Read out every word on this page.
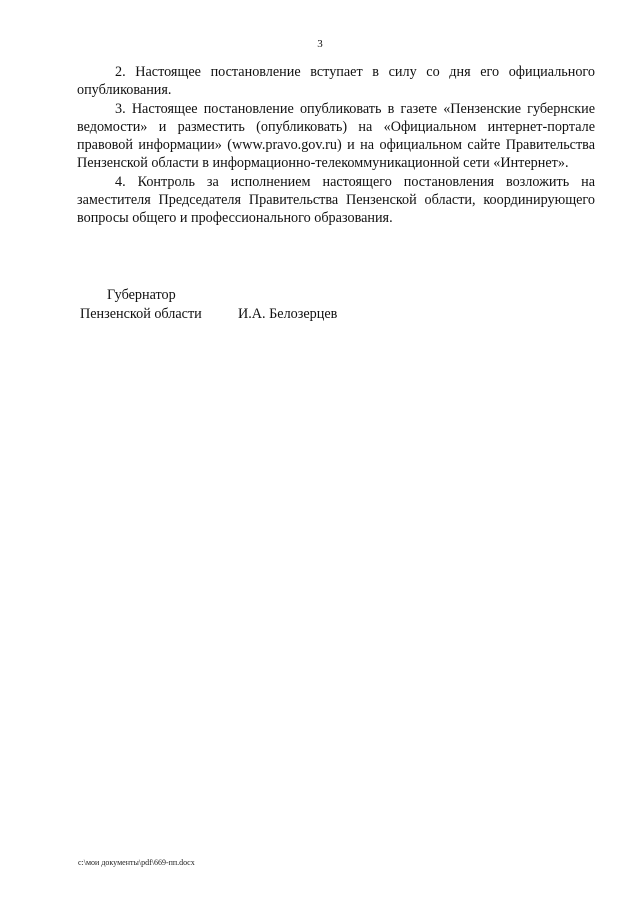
3

2. Настоящее постановление вступает в силу со дня его официального опубликования.

3. Настоящее постановление опубликовать в газете «Пензенские губернские ведомости» и разместить (опубликовать) на «Официальном интернет-портале правовой информации» (www.pravo.gov.ru) и на официальном сайте Правительства Пензенской области в информационно-телекоммуникационной сети «Интернет».

4. Контроль за исполнением настоящего постановления возложить на заместителя Председателя Правительства Пензенской области, координирующего вопросы общего и профессионального образования.

Губернатор
Пензенской области	И.А. Белозерцев
c:\мои документы\pdf\669-пп.docx
